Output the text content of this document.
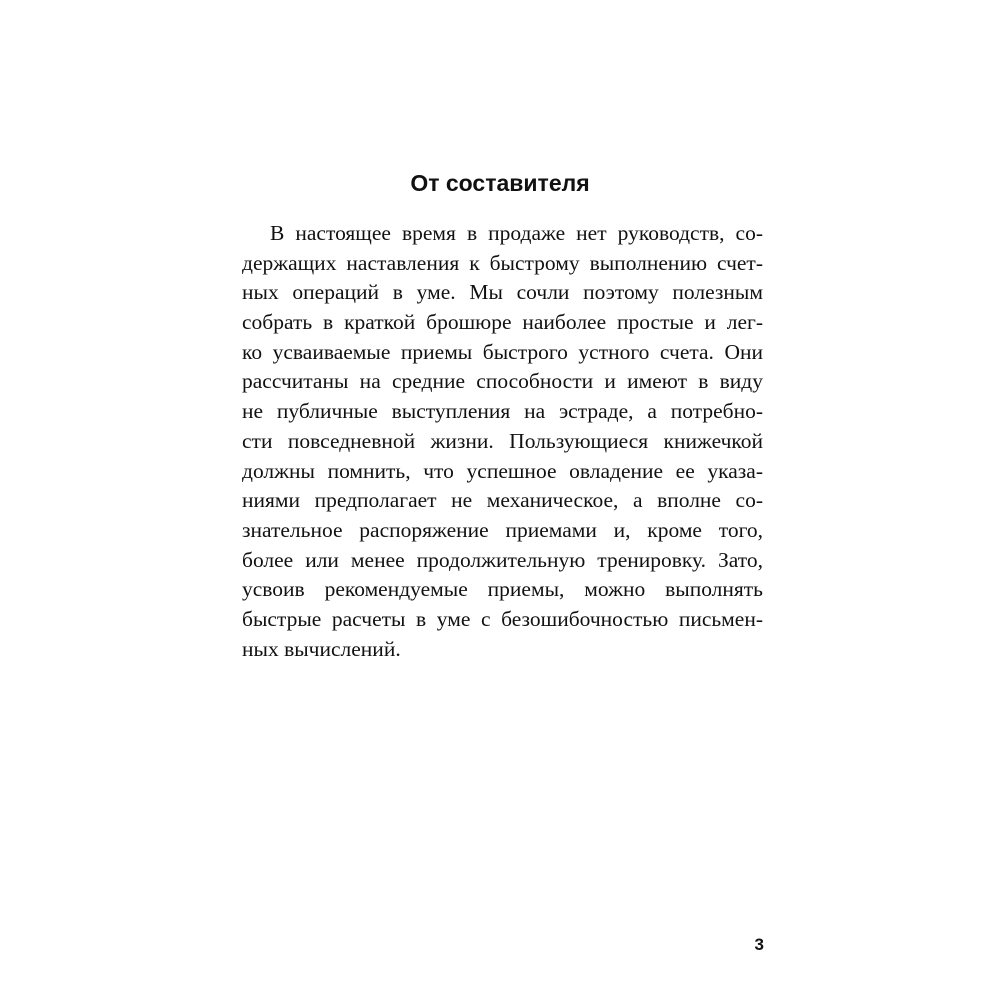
От составителя
В настоящее время в продаже нет руководств, со-
держащих наставления к быстрому выполнению счет-
ных операций в уме. Мы сочли поэтому полезным
собрать в краткой брошюре наиболее простые и лег-
ко усваиваемые приемы быстрого устного счета. Они
рассчитаны на средние способности и имеют в виду
не публичные выступления на эстраде, а потребно-
сти повседневной жизни. Пользующиеся книжечкой
должны помнить, что успешное овладение ее указа-
ниями предполагает не механическое, а вполне со-
знательное распоряжение приемами и, кроме того,
более или менее продолжительную тренировку. Зато,
усвоив рекомендуемые приемы, можно выполнять
быстрые расчеты в уме с безошибочностью письмен-
ных вычислений.
3
